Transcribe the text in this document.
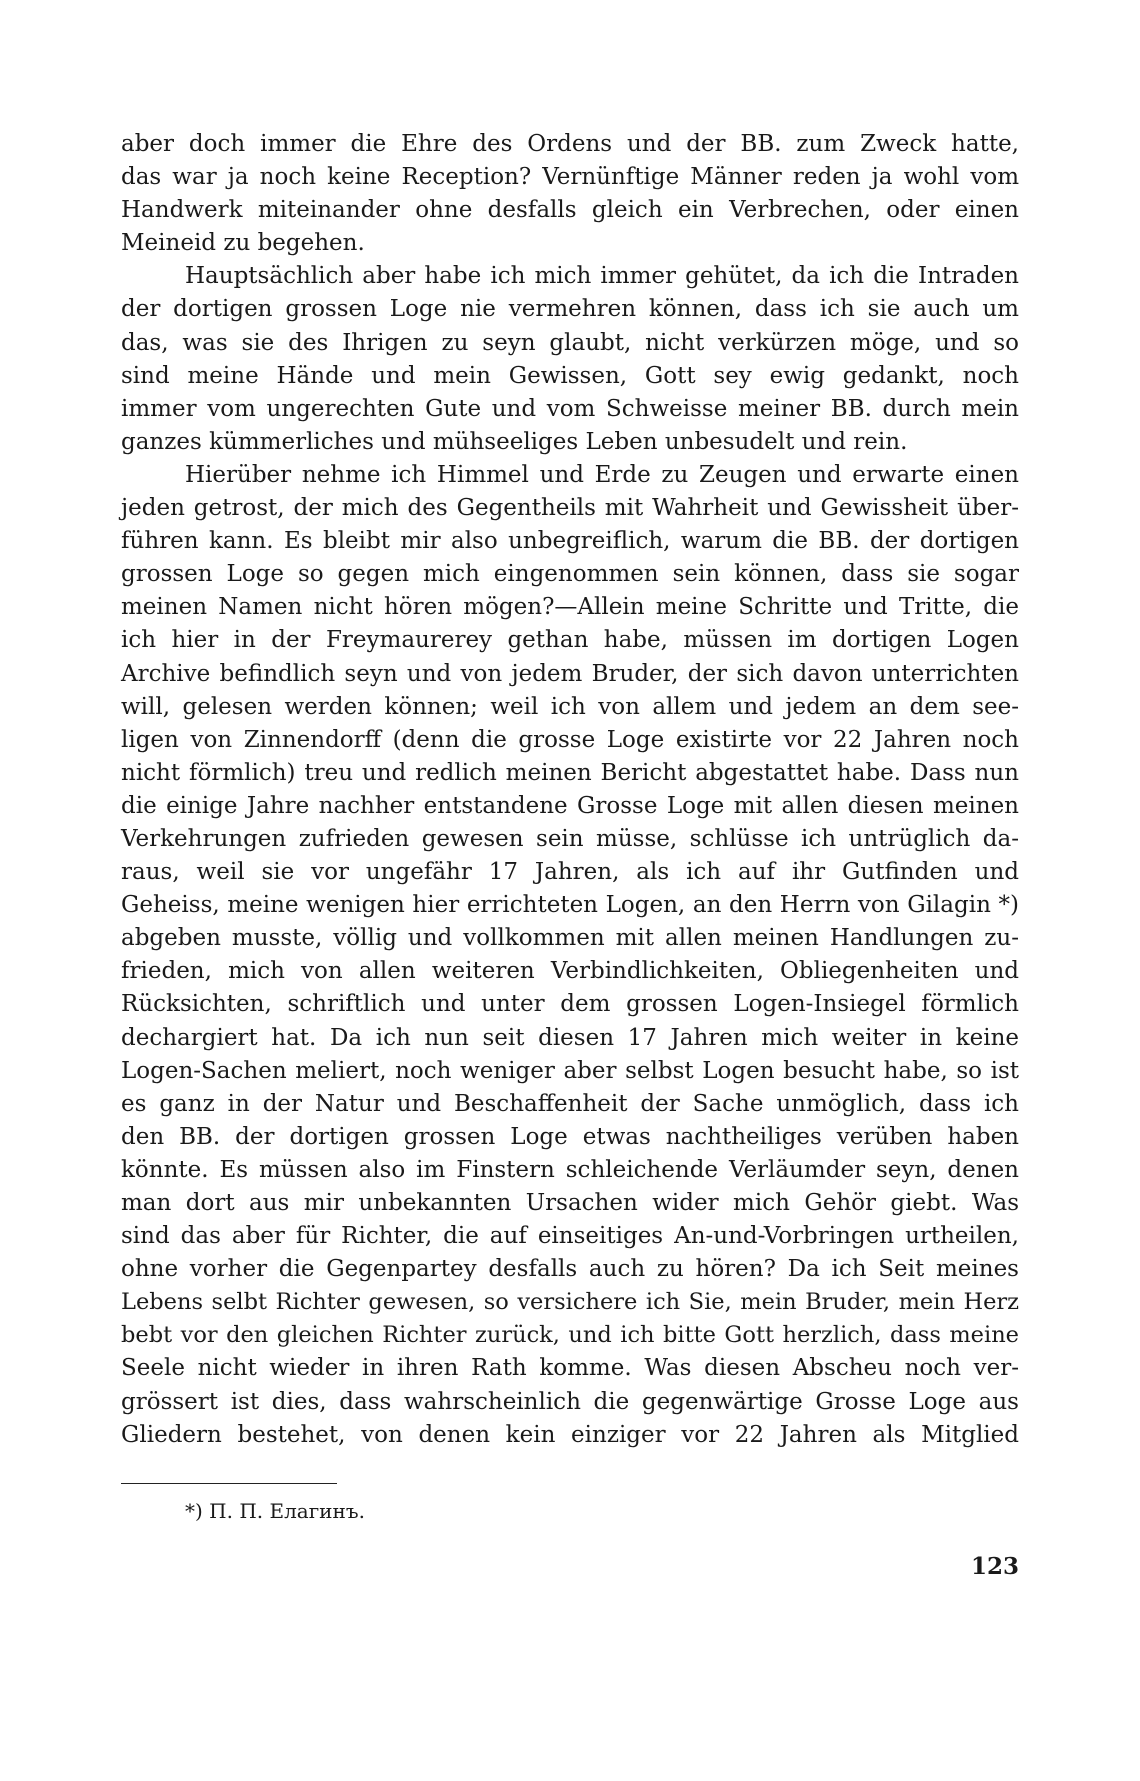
aber doch immer die Ehre des Ordens und der BB. zum Zweck hatte,
das war ja noch keine Reception? Vernünftige Männer reden ja wohl vom
Handwerk miteinander ohne desfalls gleich ein Verbrechen, oder einen
Meineid zu begehen.
Hauptsächlich aber habe ich mich immer gehütet, da ich die Intraden
der dortigen grossen Loge nie vermehren können, dass ich sie auch um
das, was sie des Ihrigen zu seyn glaubt, nicht verkürzen möge, und so
sind meine Hände und mein Gewissen, Gott sey ewig gedankt, noch
immer vom ungerechten Gute und vom Schweisse meiner BB. durch mein
ganzes kümmerliches und mühseeliges Leben unbesudelt und rein.
Hierüber nehme ich Himmel und Erde zu Zeugen und erwarte einen
jeden getrost, der mich des Gegentheils mit Wahrheit und Gewissheit über-
führen kann. Es bleibt mir also unbegreiflich, warum die BB. der dortigen
grossen Loge so gegen mich eingenommen sein können, dass sie sogar
meinen Namen nicht hören mögen?—Allein meine Schritte und Tritte, die
ich hier in der Freymaurerey gethan habe, müssen im dortigen Logen
Archive befindlich seyn und von jedem Bruder, der sich davon unterrichten
will, gelesen werden können; weil ich von allem und jedem an dem see-
ligen von Zinnendorff (denn die grosse Loge existirte vor 22 Jahren noch
nicht förmlich) treu und redlich meinen Bericht abgestattet habe. Dass nun
die einige Jahre nachher entstandene Grosse Loge mit allen diesen meinen
Verkehrungen zufrieden gewesen sein müsse, schlüsse ich untrüglich da-
raus, weil sie vor ungefähr 17 Jahren, als ich auf ihr Gutfinden und
Geheiss, meine wenigen hier errichteten Logen, an den Herrn von Gilagin *)
abgeben musste, völlig und vollkommen mit allen meinen Handlungen zu-
frieden, mich von allen weiteren Verbindlichkeiten, Obliegenheiten und
Rücksichten, schriftlich und unter dem grossen Logen-Insiegel förmlich
dechargiert hat. Da ich nun seit diesen 17 Jahren mich weiter in keine
Logen-Sachen meliert, noch weniger aber selbst Logen besucht habe, so ist
es ganz in der Natur und Beschaffenheit der Sache unmöglich, dass ich
den BB. der dortigen grossen Loge etwas nachtheiliges verüben haben
könnte. Es müssen also im Finstern schleichende Verläumder seyn, denen
man dort aus mir unbekannten Ursachen wider mich Gehör giebt. Was
sind das aber für Richter, die auf einseitiges An-und-Vorbringen urtheilen,
ohne vorher die Gegenpartey desfalls auch zu hören? Da ich Seit meines
Lebens selbt Richter gewesen, so versichere ich Sie, mein Bruder, mein Herz
bebt vor den gleichen Richter zurück, und ich bitte Gott herzlich, dass meine
Seele nicht wieder in ihren Rath komme. Was diesen Abscheu noch ver-
grössert ist dies, dass wahrscheinlich die gegenwärtige Grosse Loge aus
Gliedern bestehet, von denen kein einziger vor 22 Jahren als Mitglied
*) П. П. Елагинъ.
123
